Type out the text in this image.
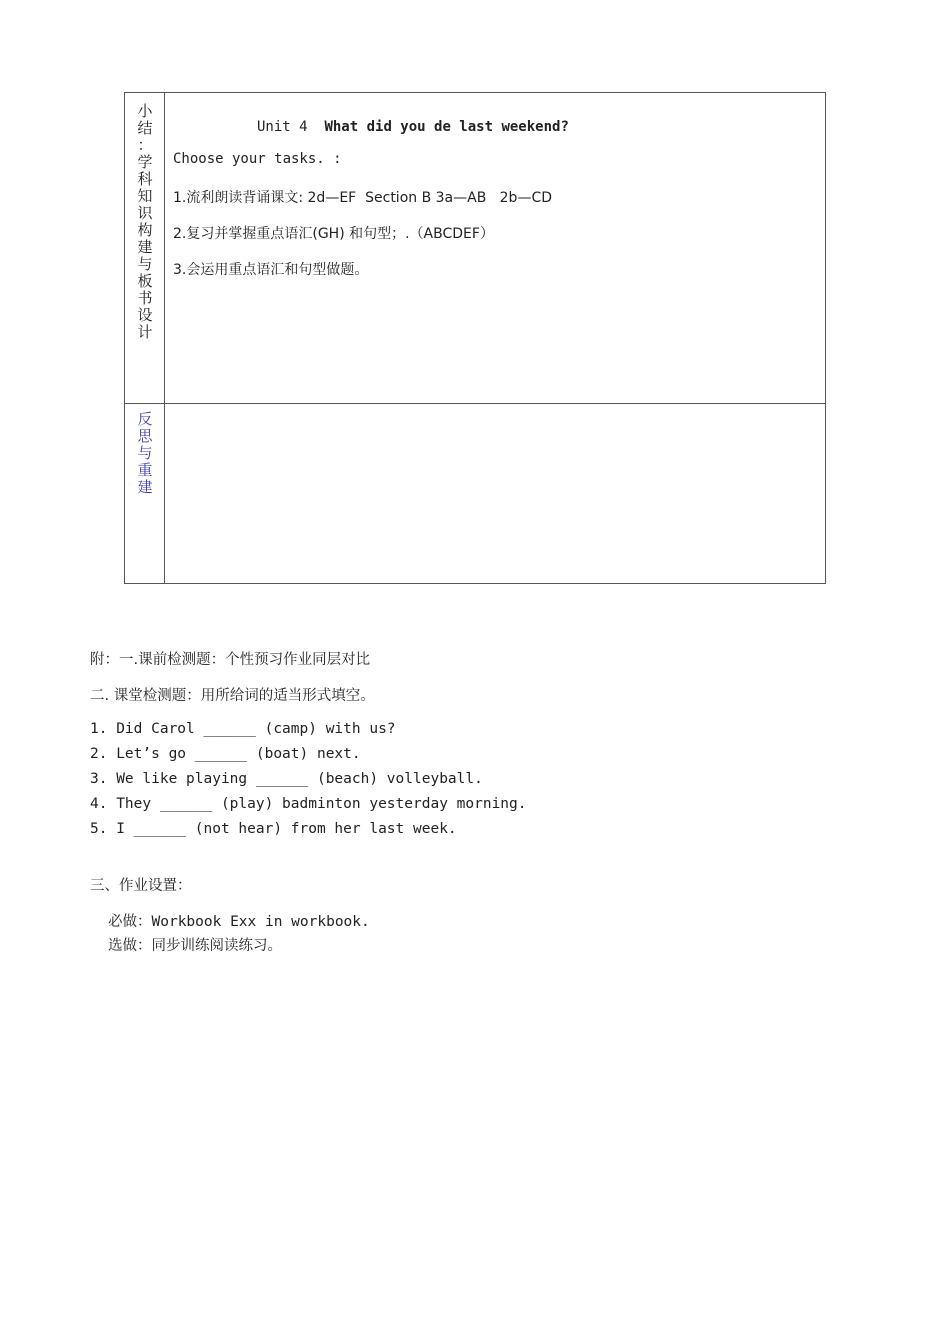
小
结
：
学
科
知
识
构
建
与
板
书
设
计
Unit 4 What did you de last weekend?
Choose your tasks. :
1.流利朗读背诵课文: 2d—EF  Section B 3a—AB   2b—CD
2.复习并掌握重点语汇(GH) 和句型；.（ABCDEF）
3.会运用重点语汇和句型做题。
反
思
与
重
建
附：一.课前检测题：个性预习作业同层对比
二. 课堂检测题：用所给词的适当形式填空。
1. Did Carol ______ (camp) with us?
2. Let’s go ______ (boat) next.
3. We like playing ______ (beach) volleyball.
4. They ______ (play) badminton yesterday morning.
5. I ______ (not hear) from her last week.
三、作业设置：
必做：Workbook Exx in workbook.
选做：同步训练阅读练习。
